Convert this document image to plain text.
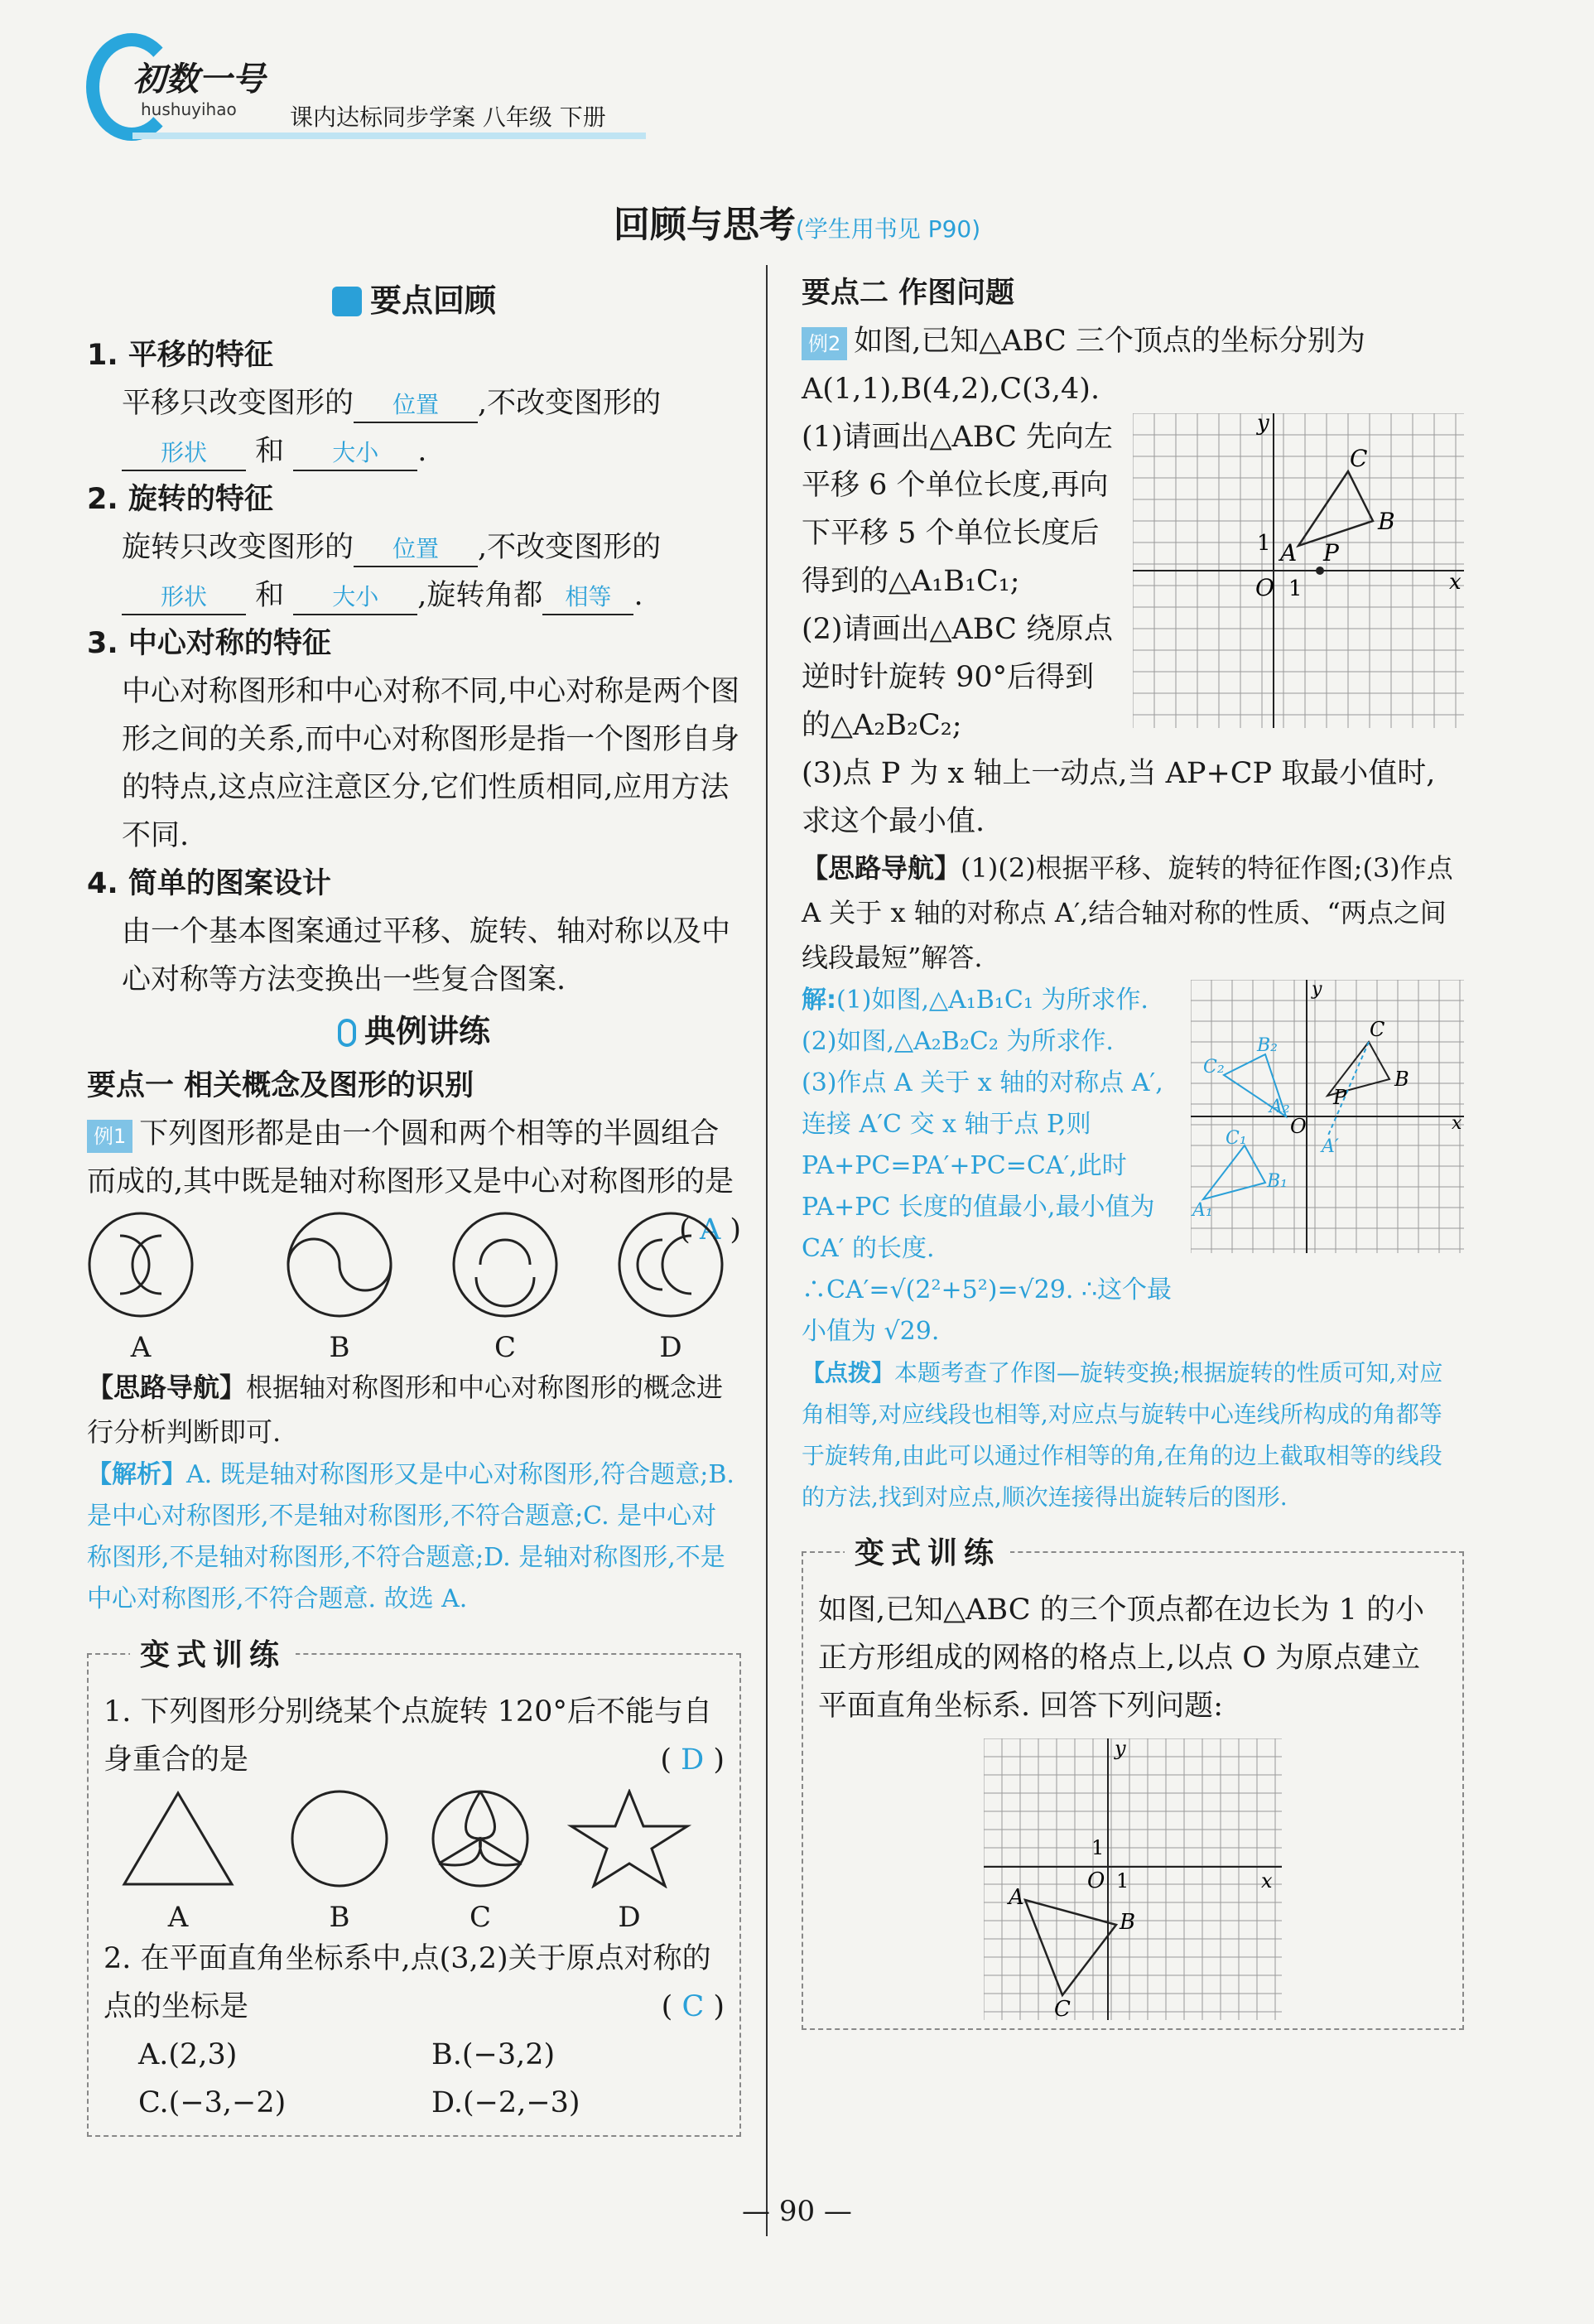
初数一号
hushuyihao 课内达标同步学案 八年级 下册
回顾与思考(学生用书见 P90)
要点回顾
1. 平移的特征
平移只改变图形的 位置 ,不改变图形的
形状 和 大小 .
2. 旋转的特征
旋转只改变图形的 位置 ,不改变图形的
形状 和 大小 ,旋转角都 相等 .
3. 中心对称的特征
中心对称图形和中心对称不同,中心对称是两个图形之间的关系,而中心对称图形是指一个图形自身的特点,这点应注意区分,它们性质相同,应用方法不同.
4. 简单的图案设计
由一个基本图案通过平移、旋转、轴对称以及中心对称等方法变换出一些复合图案.
典例讲练
要点一 相关概念及图形的识别
例1 下列图形都是由一个圆和两个相等的半圆组合而成的,其中既是轴对称图形又是中心对称图形的是
( A )
A	B	C	D
【思路导航】根据轴对称图形和中心对称图形的概念进行分析判断即可.
【解析】A. 既是轴对称图形又是中心对称图形,符合题意;B. 是中心对称图形,不是轴对称图形,不符合题意;C. 是中心对称图形,不是轴对称图形,不符合题意;D. 是轴对称图形,不是中心对称图形,不符合题意. 故选 A.
变式训练
1. 下列图形分别绕某个点旋转 120°后不能与自身重合的是	( D )
A	B	C	D
2. 在平面直角坐标系中,点(3,2)关于原点对称的点的坐标是	( C )
A.(2,3)	B.(−3,2)
C.(−3,−2)	D.(−2,−3)
要点二 作图问题
例2 如图,已知△ABC 三个顶点的坐标分别为 A(1,1),B(4,2),C(3,4).
(1)请画出△ABC 先向左平移 6 个单位长度,再向下平移 5 个单位长度后得到的△A₁B₁C₁;
(2)请画出△ABC 绕原点逆时针旋转 90°后得到的△A₂B₂C₂;
O 1
1 A
B
C
P
x
y
(3)点 P 为 x 轴上一动点,当 AP+CP 取最小值时,求这个最小值.
【思路导航】(1)(2)根据平移、旋转的特征作图;(3)作点 A 关于 x 轴的对称点 A′,结合轴对称的性质、“两点之间线段最短”解答.
解:(1)如图,△A₁B₁C₁ 为所求作.
(2)如图,△A₂B₂C₂ 为所求作.
(3)作点 A 关于 x 轴的对称点 A′,连接 A′C 交 x 轴于点 P,则 PA+PC=PA′+PC=CA′,此时 PA+PC 长度的值最小,最小值为 CA′ 的长度. ∴CA′=√(2²+5²)=√29. ∴这个最小值为 √29.
O
B
C
P
A₁
B₁
C₁
A₂
B₂
C₂
A′
x
y
【点拨】本题考查了作图—旋转变换;根据旋转的性质可知,对应角相等,对应线段也相等,对应点与旋转中心连线所构成的角都等于旋转角,由此可以通过作相等的角,在角的边上截取相等的线段的方法,找到对应点,顺次连接得出旋转后的图形.
变式训练
如图,已知△ABC 的三个顶点都在边长为 1 的小正方形组成的网格的格点上,以点 O 为原点建立平面直角坐标系. 回答下列问题:
O 1
1
A
B
C
x
y
— 90 —
